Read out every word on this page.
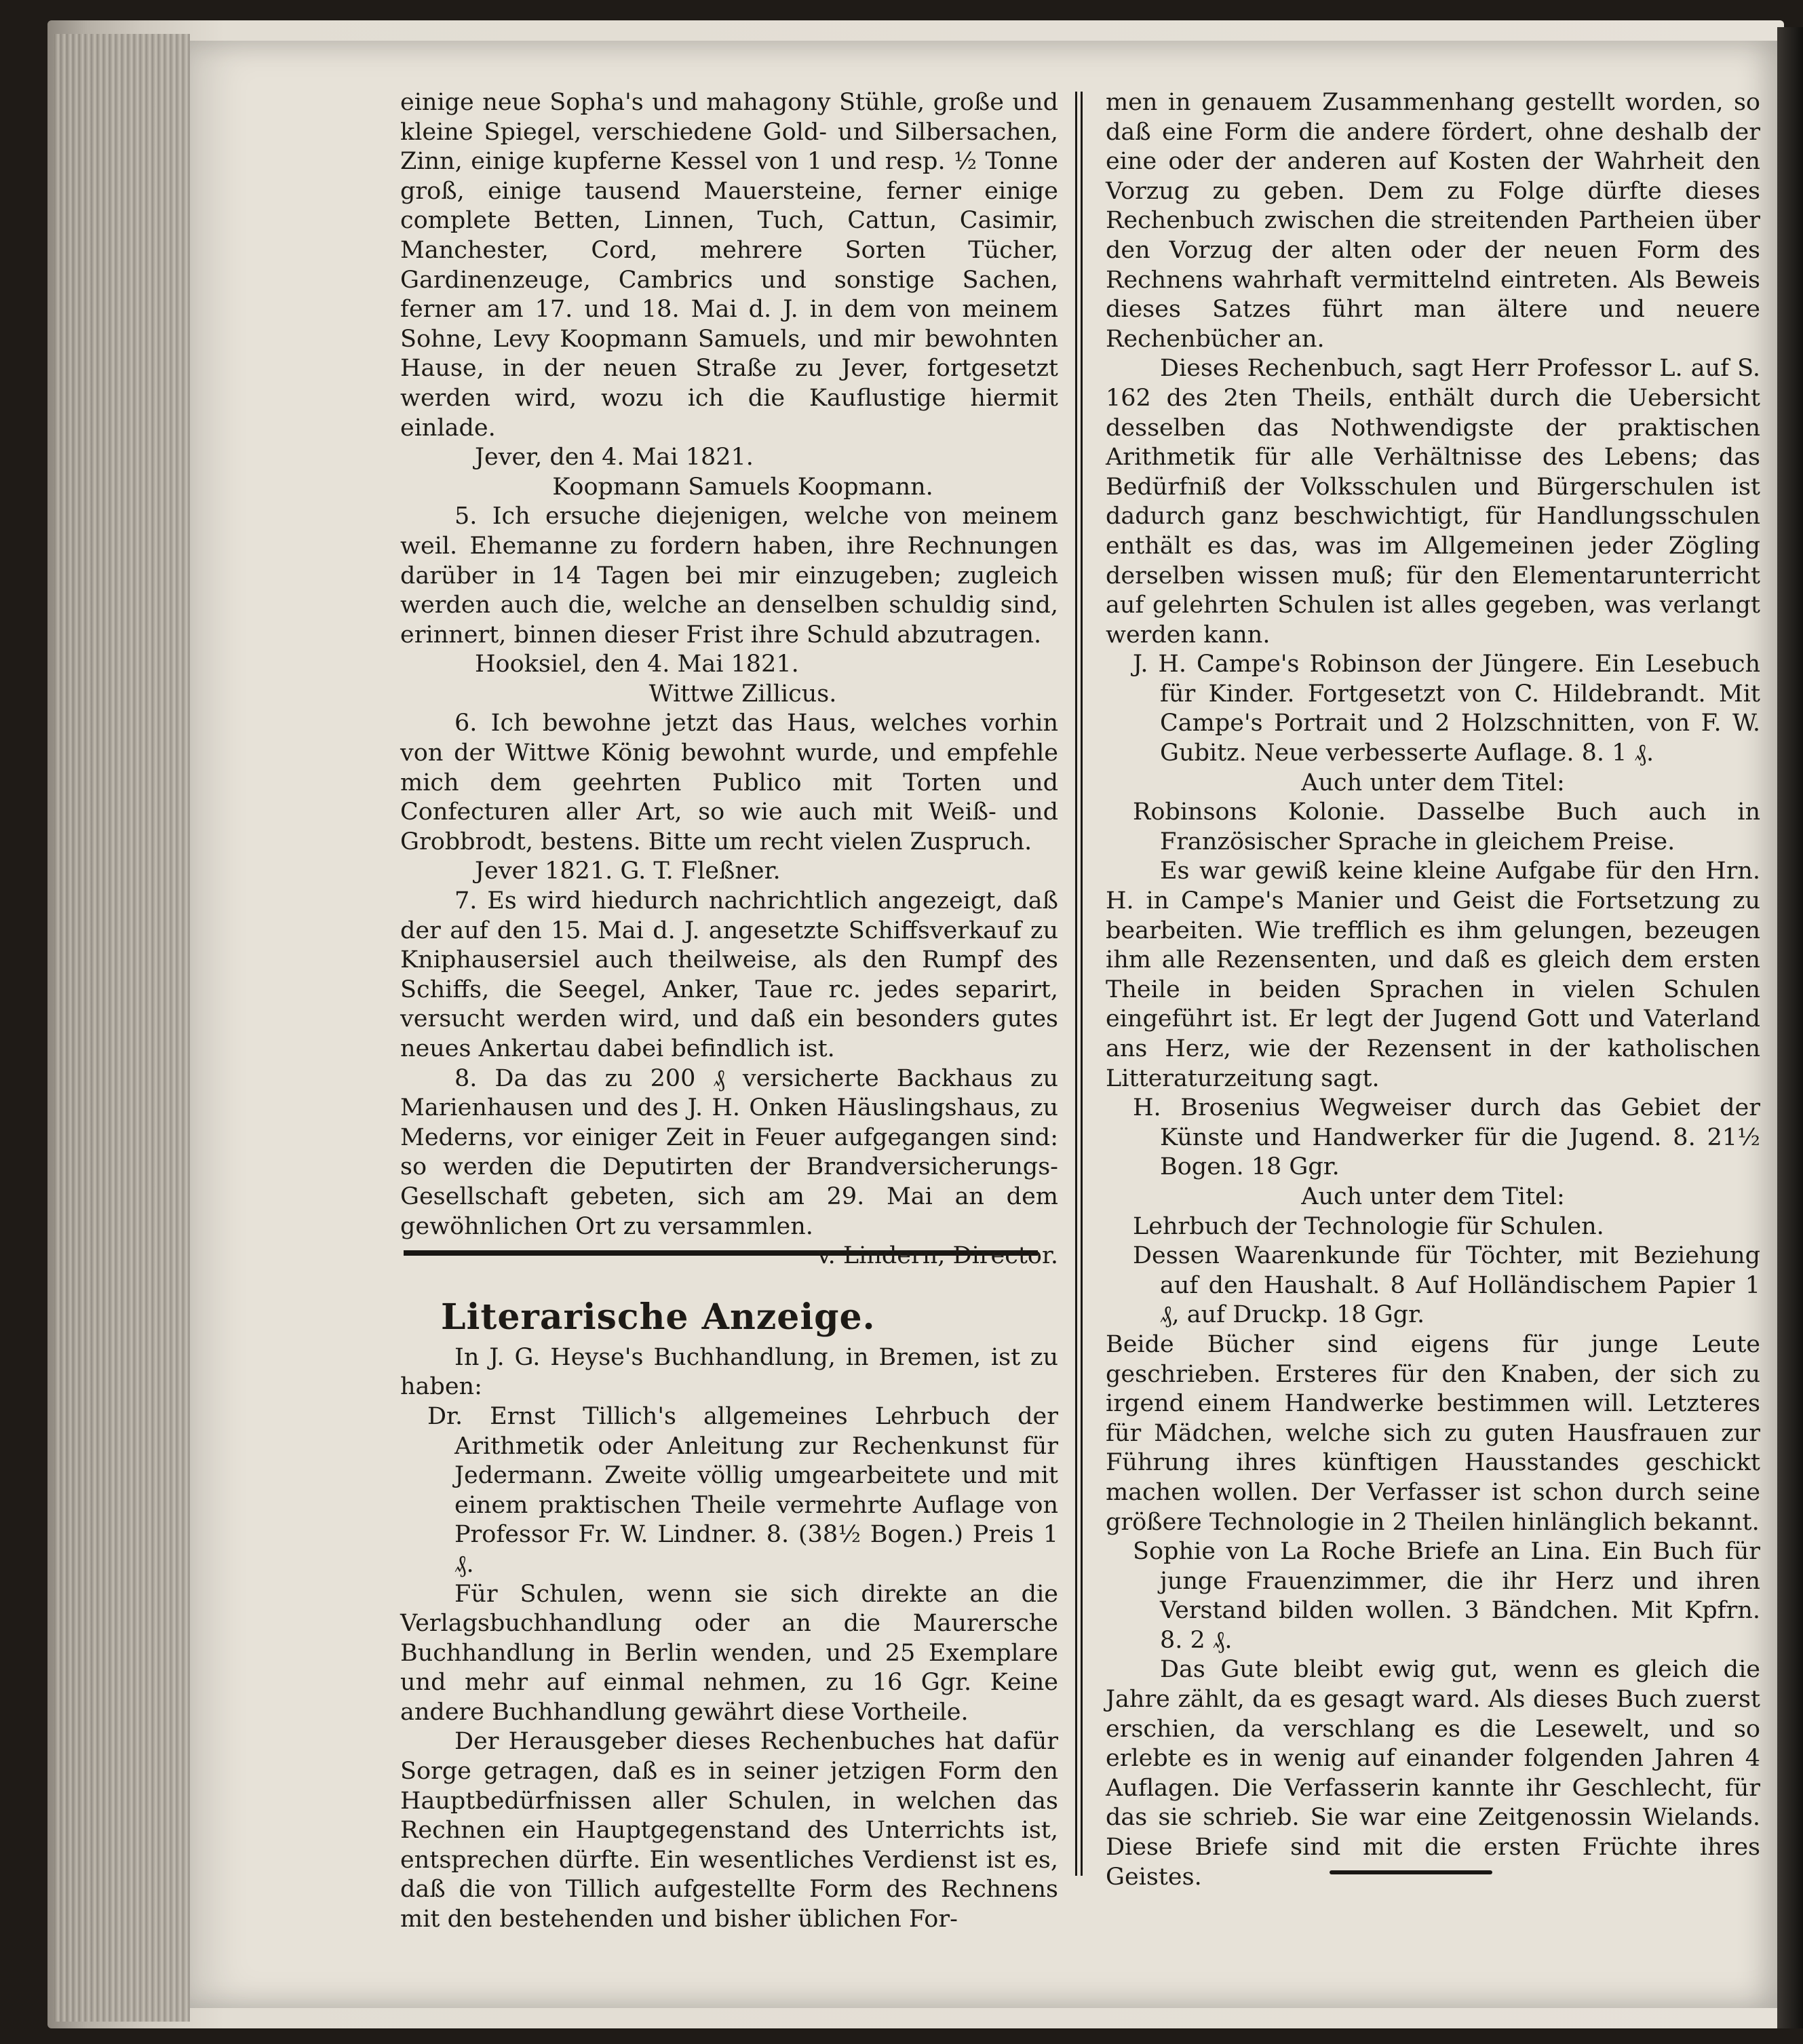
einige neue Sopha's und mahagony Stühle, große und kleine Spiegel, verschiedene Gold- und Silbersachen, Zinn, einige kupferne Kessel von 1 und resp. ½ Tonne groß, einige tausend Mauersteine, ferner einige complete Betten, Linnen, Tuch, Cattun, Casimir, Manchester, Cord, mehrere Sorten Tücher, Gardinenzeuge, Cambrics und sonstige Sachen, ferner am 17. und 18. Mai d. J. in dem von meinem Sohne, Levy Koopmann Samuels, und mir bewohnten Hause, in der neuen Straße zu Jever, fortgesetzt werden wird, wozu ich die Kauflustige hiermit einlade.

Jever, den 4. Mai 1821.

Koopmann Samuels Koopmann.

5. Ich ersuche diejenigen, welche von meinem weil. Ehemanne zu fordern haben, ihre Rechnungen darüber in 14 Tagen bei mir einzugeben; zugleich werden auch die, welche an denselben schuldig sind, erinnert, binnen dieser Frist ihre Schuld abzutragen.

Hooksiel, den 4. Mai 1821.

Wittwe Zillicus.

6. Ich bewohne jetzt das Haus, welches vorhin von der Wittwe König bewohnt wurde, und empfehle mich dem geehrten Publico mit Torten und Confecturen aller Art, so wie auch mit Weiß- und Grobbrodt, bestens. Bitte um recht vielen Zuspruch.

Jever 1821. G. T. Fleßner.

7. Es wird hiedurch nachrichtlich angezeigt, daß der auf den 15. Mai d. J. angesetzte Schiffsverkauf zu Kniphausersiel auch theilweise, als den Rumpf des Schiffs, die Seegel, Anker, Taue rc. jedes separirt, versucht werden wird, und daß ein besonders gutes neues Ankertau dabei befindlich ist.

8. Da das zu 200 ₰ versicherte Backhaus zu Marienhausen und des J. H. Onken Häuslingshaus, zu Mederns, vor einiger Zeit in Feuer aufgegangen sind: so werden die Deputirten der Brandversicherungs-Gesellschaft gebeten, sich am 29. Mai an dem gewöhnlichen Ort zu versammlen.

v. Lindern, Director.

Literarische Anzeige.

In J. G. Heyse's Buchhandlung, in Bremen, ist zu haben:

Dr. Ernst Tillich's allgemeines Lehrbuch der Arithmetik oder Anleitung zur Rechenkunst für Jedermann. Zweite völlig umgearbeitete und mit einem praktischen Theile vermehrte Auflage von Professor Fr. W. Lindner. 8. (38½ Bogen.) Preis 1 ₰.

Für Schulen, wenn sie sich direkte an die Verlagsbuchhandlung oder an die Maurersche Buchhandlung in Berlin wenden, und 25 Exemplare und mehr auf einmal nehmen, zu 16 Ggr. Keine andere Buchhandlung gewährt diese Vortheile.

Der Herausgeber dieses Rechenbuches hat dafür Sorge getragen, daß es in seiner jetzigen Form den Hauptbedürfnissen aller Schulen, in welchen das Rechnen ein Hauptgegenstand des Unterrichts ist, entsprechen dürfte. Ein wesentliches Verdienst ist es, daß die von Tillich aufgestellte Form des Rechnens mit den bestehenden und bisher üblichen For-

men in genauem Zusammenhang gestellt worden, so daß eine Form die andere fördert, ohne deshalb der eine oder der anderen auf Kosten der Wahrheit den Vorzug zu geben. Dem zu Folge dürfte dieses Rechenbuch zwischen die streitenden Partheien über den Vorzug der alten oder der neuen Form des Rechnens wahrhaft vermittelnd eintreten. Als Beweis dieses Satzes führt man ältere und neuere Rechenbücher an.

Dieses Rechenbuch, sagt Herr Professor L. auf S. 162 des 2ten Theils, enthält durch die Uebersicht desselben das Nothwendigste der praktischen Arithmetik für alle Verhältnisse des Lebens; das Bedürfniß der Volksschulen und Bürgerschulen ist dadurch ganz beschwichtigt, für Handlungsschulen enthält es das, was im Allgemeinen jeder Zögling derselben wissen muß; für den Elementarunterricht auf gelehrten Schulen ist alles gegeben, was verlangt werden kann.

J. H. Campe's Robinson der Jüngere. Ein Lesebuch für Kinder. Fortgesetzt von C. Hildebrandt. Mit Campe's Portrait und 2 Holzschnitten, von F. W. Gubitz. Neue verbesserte Auflage. 8. 1 ₰.

Auch unter dem Titel:

Robinsons Kolonie. Dasselbe Buch auch in Französischer Sprache in gleichem Preise.

Es war gewiß keine kleine Aufgabe für den Hrn. H. in Campe's Manier und Geist die Fortsetzung zu bearbeiten. Wie trefflich es ihm gelungen, bezeugen ihm alle Rezensenten, und daß es gleich dem ersten Theile in beiden Sprachen in vielen Schulen eingeführt ist. Er legt der Jugend Gott und Vaterland ans Herz, wie der Rezensent in der katholischen Litteraturzeitung sagt.

H. Brosenius Wegweiser durch das Gebiet der Künste und Handwerker für die Jugend. 8. 21½ Bogen. 18 Ggr.

Auch unter dem Titel:

Lehrbuch der Technologie für Schulen.

Dessen Waarenkunde für Töchter, mit Beziehung auf den Haushalt. 8 Auf Holländischem Papier 1 ₰, auf Druckp. 18 Ggr.

Beide Bücher sind eigens für junge Leute geschrieben. Ersteres für den Knaben, der sich zu irgend einem Handwerke bestimmen will. Letzteres für Mädchen, welche sich zu guten Hausfrauen zur Führung ihres künftigen Hausstandes geschickt machen wollen. Der Verfasser ist schon durch seine größere Technologie in 2 Theilen hinlänglich bekannt.

Sophie von La Roche Briefe an Lina. Ein Buch für junge Frauenzimmer, die ihr Herz und ihren Verstand bilden wollen. 3 Bändchen. Mit Kpfrn. 8. 2 ₰.

Das Gute bleibt ewig gut, wenn es gleich die Jahre zählt, da es gesagt ward. Als dieses Buch zuerst erschien, da verschlang es die Lesewelt, und so erlebte es in wenig auf einander folgenden Jahren 4 Auflagen. Die Verfasserin kannte ihr Geschlecht, für das sie schrieb. Sie war eine Zeitgenossin Wielands. Diese Briefe sind mit die ersten Früchte ihres Geistes.
